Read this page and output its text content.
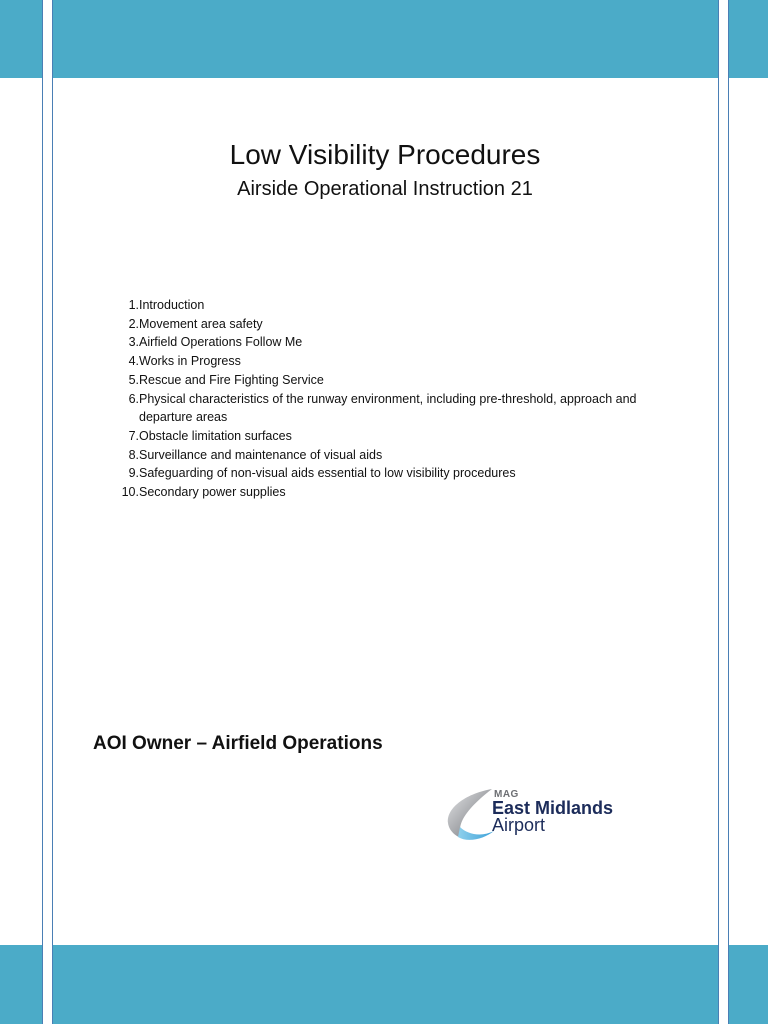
Low Visibility Procedures
Airside Operational Instruction 21
1. Introduction
2. Movement area safety
3. Airfield Operations Follow Me
4. Works in Progress
5. Rescue and Fire Fighting Service
6. Physical characteristics of the runway environment, including pre-threshold, approach and departure areas
7. Obstacle limitation surfaces
8. Surveillance and maintenance of visual aids
9. Safeguarding of non-visual aids essential to low visibility procedures
10. Secondary power supplies

AOI Owner – Airfield Operations

MAG
East Midlands
Airport
